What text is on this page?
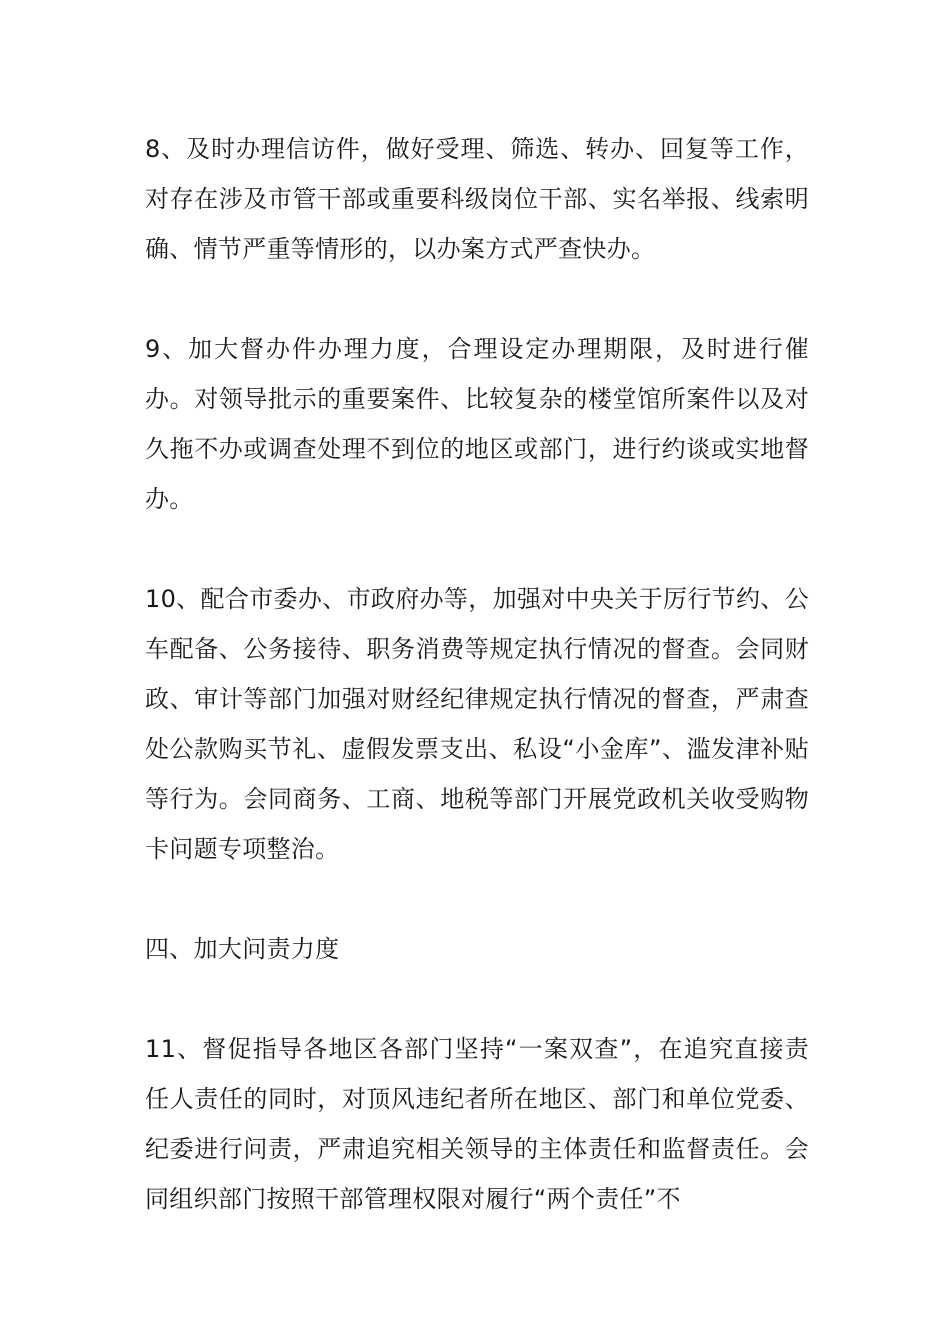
8、及时办理信访件，做好受理、筛选、转办、回复等工作，对存在涉及市管干部或重要科级岗位干部、实名举报、线索明确、情节严重等情形的，以办案方式严查快办。

9、加大督办件办理力度，合理设定办理期限，及时进行催办。对领导批示的重要案件、比较复杂的楼堂馆所案件以及对久拖不办或调查处理不到位的地区或部门，进行约谈或实地督办。

10、配合市委办、市政府办等，加强对中央关于厉行节约、公车配备、公务接待、职务消费等规定执行情况的督查。会同财政、审计等部门加强对财经纪律规定执行情况的督查，严肃查处公款购买节礼、虚假发票支出、私设“小金库”、滥发津补贴等行为。会同商务、工商、地税等部门开展党政机关收受购物卡问题专项整治。

四、加大问责力度

11、督促指导各地区各部门坚持“一案双查”，在追究直接责任人责任的同时，对顶风违纪者所在地区、部门和单位党委、纪委进行问责，严肃追究相关领导的主体责任和监督责任。会同组织部门按照干部管理权限对履行“两个责任”不
